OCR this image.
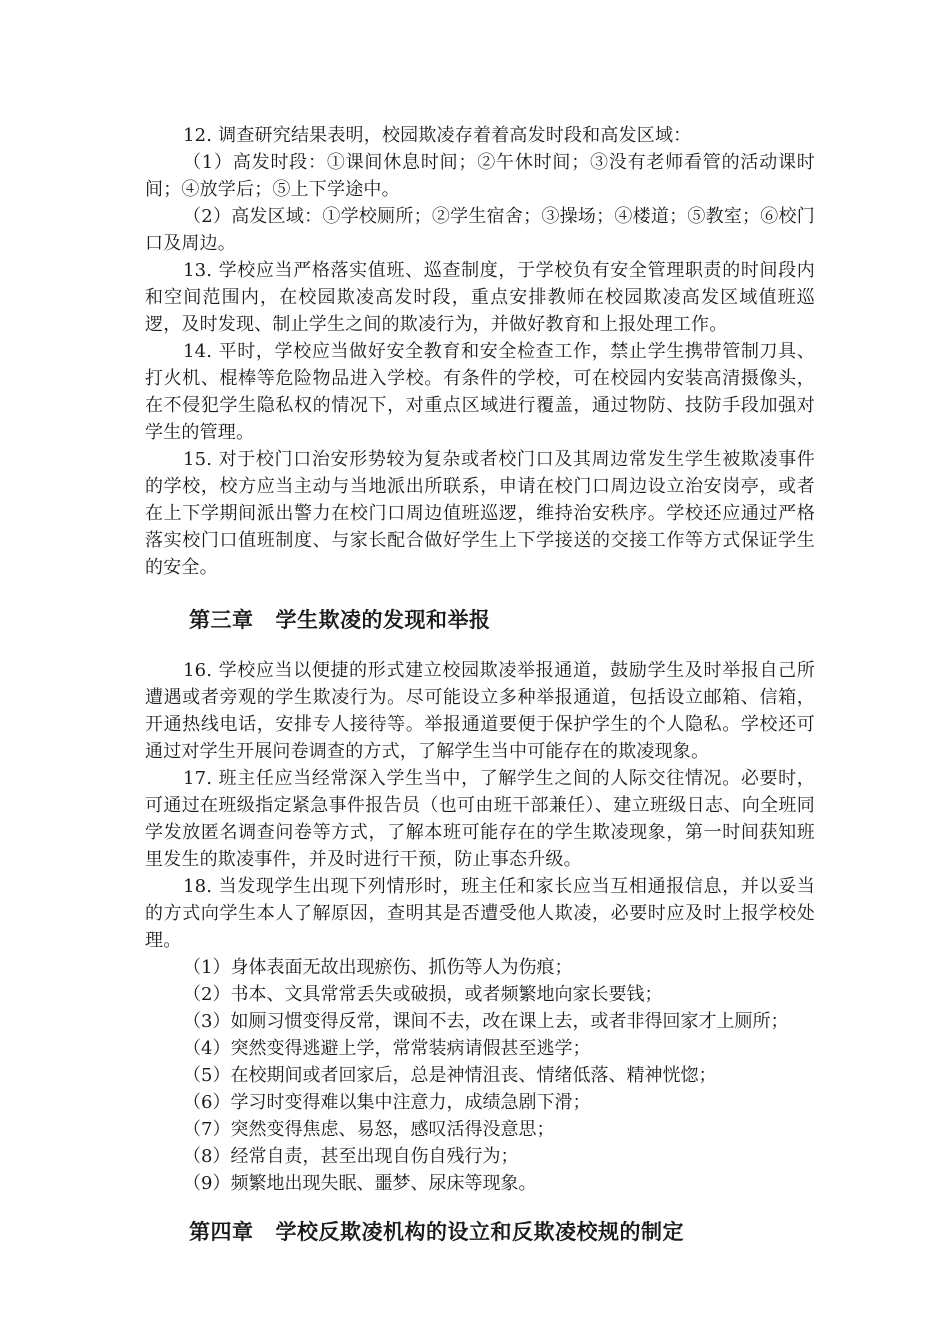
12. 调查研究结果表明，校园欺凌存着着高发时段和高发区域：

（1）高发时段：①课间休息时间；②午休时间；③没有老师看管的活动课时间；④放学后；⑤上下学途中。

（2）高发区域：①学校厕所；②学生宿舍；③操场；④楼道；⑤教室；⑥校门口及周边。

13. 学校应当严格落实值班、巡查制度，于学校负有安全管理职责的时间段内和空间范围内，在校园欺凌高发时段，重点安排教师在校园欺凌高发区域值班巡逻，及时发现、制止学生之间的欺凌行为，并做好教育和上报处理工作。

14. 平时，学校应当做好安全教育和安全检查工作，禁止学生携带管制刀具、打火机、棍棒等危险物品进入学校。有条件的学校，可在校园内安装高清摄像头，在不侵犯学生隐私权的情况下，对重点区域进行覆盖，通过物防、技防手段加强对学生的管理。

15. 对于校门口治安形势较为复杂或者校门口及其周边常发生学生被欺凌事件的学校，校方应当主动与当地派出所联系，申请在校门口周边设立治安岗亭，或者在上下学期间派出警力在校门口周边值班巡逻，维持治安秩序。学校还应通过严格落实校门口值班制度、与家长配合做好学生上下学接送的交接工作等方式保证学生的安全。

第三章 学生欺凌的发现和举报

16. 学校应当以便捷的形式建立校园欺凌举报通道，鼓励学生及时举报自己所遭遇或者旁观的学生欺凌行为。尽可能设立多种举报通道，包括设立邮箱、信箱，开通热线电话，安排专人接待等。举报通道要便于保护学生的个人隐私。学校还可通过对学生开展问卷调查的方式，了解学生当中可能存在的欺凌现象。

17. 班主任应当经常深入学生当中，了解学生之间的人际交往情况。必要时，可通过在班级指定紧急事件报告员（也可由班干部兼任）、建立班级日志、向全班同学发放匿名调查问卷等方式，了解本班可能存在的学生欺凌现象，第一时间获知班里发生的欺凌事件，并及时进行干预，防止事态升级。

18. 当发现学生出现下列情形时，班主任和家长应当互相通报信息，并以妥当的方式向学生本人了解原因，查明其是否遭受他人欺凌，必要时应及时上报学校处理。

（1）身体表面无故出现瘀伤、抓伤等人为伤痕；

（2）书本、文具常常丢失或破损，或者频繁地向家长要钱；

（3）如厕习惯变得反常，课间不去，改在课上去，或者非得回家才上厕所；

（4）突然变得逃避上学，常常装病请假甚至逃学；

（5）在校期间或者回家后，总是神情沮丧、情绪低落、精神恍惚；

（6）学习时变得难以集中注意力，成绩急剧下滑；

（7）突然变得焦虑、易怒，感叹活得没意思；

（8）经常自责，甚至出现自伤自残行为；

（9）频繁地出现失眠、噩梦、尿床等现象。

第四章 学校反欺凌机构的设立和反欺凌校规的制定
